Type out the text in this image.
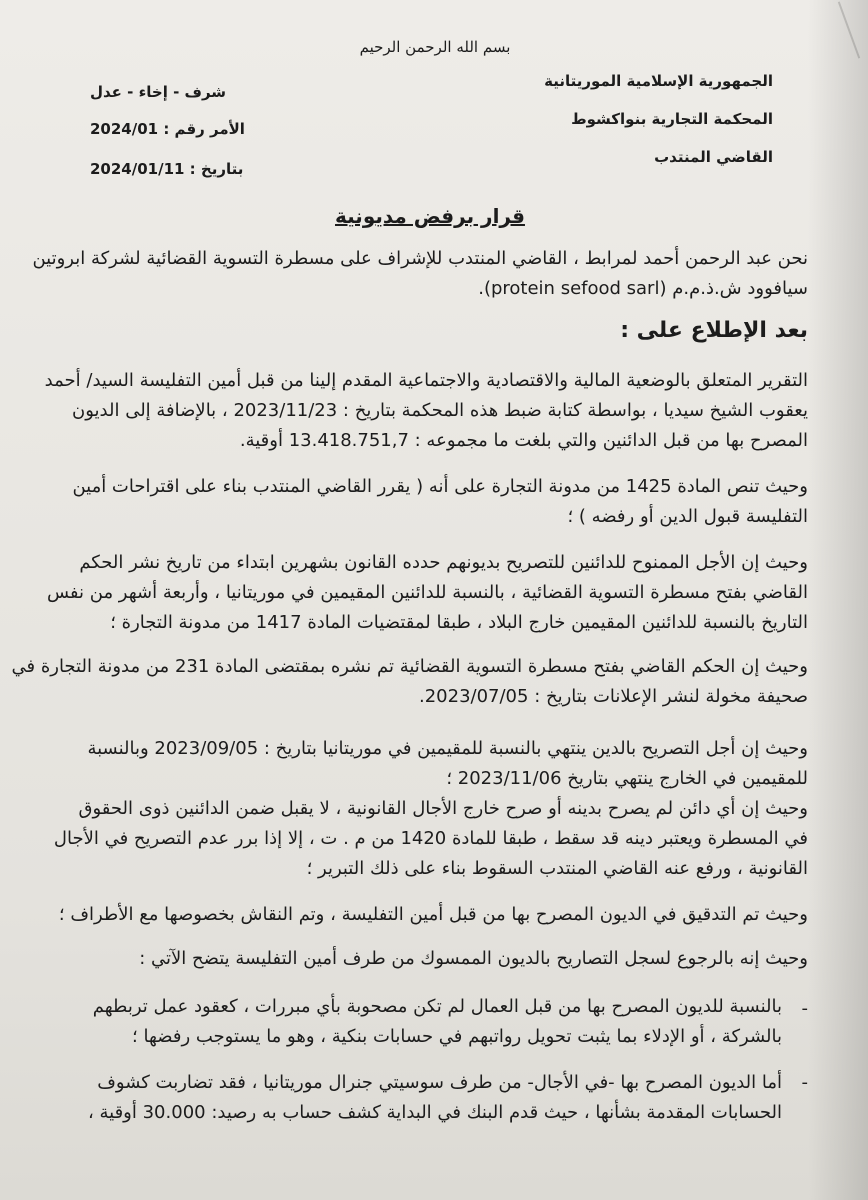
بسم الله الرحمن الرحيم
الجمهورية الإسلامية الموريتانية
المحكمة التجارية بنواكشوط
القاضي المنتدب
شرف - إخاء - عدل
الأمر رقم : 2024/01
بتاريخ : 2024/01/11
قرار برفض مديونية
نحن عبد الرحمن أحمد لمرابط ، القاضي المنتدب للإشراف على مسطرة التسوية القضائية لشركة ابروتين
سيافوود ش.ذ.م.م (protein sefood sarl).
بعد الإطلاع على :
التقرير المتعلق بالوضعية المالية والاقتصادية والاجتماعية المقدم إلينا من قبل أمين التفليسة السيد/ أحمد
يعقوب الشيخ سيديا ، بواسطة كتابة ضبط هذه المحكمة بتاريخ : 2023/11/23 ، بالإضافة إلى الديون
المصرح بها من قبل الدائنين والتي بلغت ما مجموعه : 13.418.751,7 أوقية.
وحيث تنص المادة 1425 من مدونة التجارة على أنه ( يقرر القاضي المنتدب بناء على اقتراحات أمين
التفليسة قبول الدين أو رفضه ) ؛
وحيث إن الأجل الممنوح للدائنين للتصريح بديونهم حدده القانون بشهرين ابتداء من تاريخ نشر الحكم
القاضي بفتح مسطرة التسوية القضائية ، بالنسبة للدائنين المقيمين في موريتانيا ، وأربعة أشهر من نفس
التاريخ بالنسبة للدائنين المقيمين خارج البلاد ، طبقا لمقتضيات المادة 1417 من مدونة التجارة ؛
وحيث إن الحكم القاضي بفتح مسطرة التسوية القضائية تم نشره بمقتضى المادة 231 من مدونة التجارة في
صحيفة مخولة لنشر الإعلانات بتاريخ : 2023/07/05.
وحيث إن أجل التصريح بالدين ينتهي بالنسبة للمقيمين في موريتانيا بتاريخ : 2023/09/05 وبالنسبة
للمقيمين في الخارج ينتهي بتاريخ 2023/11/06 ؛
وحيث إن أي دائن لم يصرح بدينه أو صرح خارج الأجال القانونية ، لا يقبل ضمن الدائنين ذوى الحقوق
في المسطرة ويعتبر دينه قد سقط ، طبقا للمادة 1420 من م . ت ، إلا إذا برر عدم التصريح في الأجال
القانونية ، ورفع عنه القاضي المنتدب السقوط بناء على ذلك التبرير ؛
وحيث تم التدقيق في الديون المصرح بها من قبل أمين التفليسة ، وتم النقاش بخصوصها مع الأطراف ؛
وحيث إنه بالرجوع لسجل التصاريح بالديون الممسوك من طرف أمين التفليسة يتضح الآتي :
-
بالنسبة للديون المصرح بها من قبل العمال لم تكن مصحوبة بأي مبررات ، كعقود عمل تربطهم
بالشركة ، أو الإدلاء بما يثبت تحويل رواتبهم في حسابات بنكية ، وهو ما يستوجب رفضها ؛
-
أما الديون المصرح بها -في الأجال- من طرف سوسيتي جنرال موريتانيا ، فقد تضاربت كشوف
الحسابات المقدمة بشأنها ، حيث قدم البنك في البداية كشف حساب به رصيد: 30.000 أوقية ،
